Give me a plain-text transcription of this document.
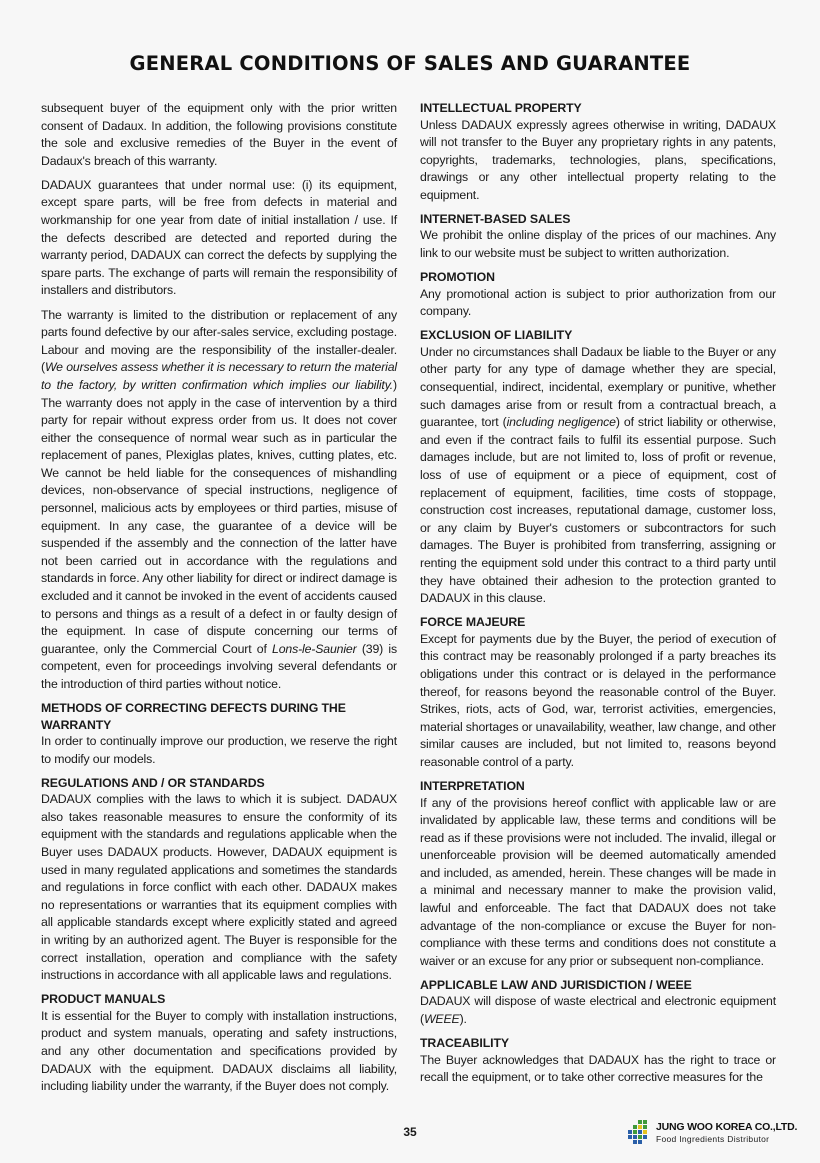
GENERAL CONDITIONS OF SALES AND GUARANTEE

subsequent buyer of the equipment only with the prior written consent of Dadaux. In addition, the following provisions constitute the sole and exclusive remedies of the Buyer in the event of Dadaux's breach of this warranty.

DADAUX guarantees that under normal use: (i) its equipment, except spare parts, will be free from defects in material and workmanship for one year from date of initial installation / use. If the defects described are detected and reported during the warranty period, DADAUX can correct the defects by supplying the spare parts. The exchange of parts will remain the responsibility of installers and distributors.

The warranty is limited to the distribution or replacement of any parts found defective by our after-sales service, excluding postage. Labour and moving are the responsibility of the installer-dealer. (We ourselves assess whether it is necessary to return the material to the factory, by written confirmation which implies our liability.) The warranty does not apply in the case of intervention by a third party for repair without express order from us. It does not cover either the consequence of normal wear such as in particular the replacement of panes, Plexiglas plates, knives, cutting plates, etc. We cannot be held liable for the consequences of mishandling devices, non-observance of special instructions, negligence of personnel, malicious acts by employees or third parties, misuse of equipment. In any case, the guarantee of a device will be suspended if the assembly and the connection of the latter have not been carried out in accordance with the regulations and standards in force. Any other liability for direct or indirect damage is excluded and it cannot be invoked in the event of accidents caused to persons and things as a result of a defect in or faulty design of the equipment. In case of dispute concerning our terms of guarantee, only the Commercial Court of Lons-le-Saunier (39) is competent, even for proceedings involving several defendants or the introduction of third parties without notice.

METHODS OF CORRECTING DEFECTS DURING THE WARRANTY

In order to continually improve our production, we reserve the right to modify our models.

REGULATIONS AND / OR STANDARDS

DADAUX complies with the laws to which it is subject. DADAUX also takes reasonable measures to ensure the conformity of its equipment with the standards and regulations applicable when the Buyer uses DADAUX products. However, DADAUX equipment is used in many regulated applications and sometimes the standards and regulations in force conflict with each other. DADAUX makes no representations or warranties that its equipment complies with all applicable standards except where explicitly stated and agreed in writing by an authorized agent. The Buyer is responsible for the correct installation, operation and compliance with the safety instructions in accordance with all applicable laws and regulations.

PRODUCT MANUALS

It is essential for the Buyer to comply with installation instructions, product and system manuals, operating and safety instructions, and any other documentation and specifications provided by DADAUX with the equipment. DADAUX disclaims all liability, including liability under the warranty, if the Buyer does not comply.

INTELLECTUAL PROPERTY

Unless DADAUX expressly agrees otherwise in writing, DADAUX will not transfer to the Buyer any proprietary rights in any patents, copyrights, trademarks, technologies, plans, specifications, drawings or any other intellectual property relating to the equipment.

INTERNET-BASED SALES

We prohibit the online display of the prices of our machines. Any link to our website must be subject to written authorization.

PROMOTION

Any promotional action is subject to prior authorization from our company.

EXCLUSION OF LIABILITY

Under no circumstances shall Dadaux be liable to the Buyer or any other party for any type of damage whether they are special, consequential, indirect, incidental, exemplary or punitive, whether such damages arise from or result from a contractual breach, a guarantee, tort (including negligence) of strict liability or otherwise, and even if the contract fails to fulfil its essential purpose. Such damages include, but are not limited to, loss of profit or revenue, loss of use of equipment or a piece of equipment, cost of replacement of equipment, facilities, time costs of stoppage, construction cost increases, reputational damage, customer loss, or any claim by Buyer's customers or subcontractors for such damages. The Buyer is prohibited from transferring, assigning or renting the equipment sold under this contract to a third party until they have obtained their adhesion to the protection granted to DADAUX in this clause.

FORCE MAJEURE

Except for payments due by the Buyer, the period of execution of this contract may be reasonably prolonged if a party breaches its obligations under this contract or is delayed in the performance thereof, for reasons beyond the reasonable control of the Buyer. Strikes, riots, acts of God, war, terrorist activities, emergencies, material shortages or unavailability, weather, law change, and other similar causes are included, but not limited to, reasons beyond reasonable control of a party.

INTERPRETATION

If any of the provisions hereof conflict with applicable law or are invalidated by applicable law, these terms and conditions will be read as if these provisions were not included. The invalid, illegal or unenforceable provision will be deemed automatically amended and included, as amended, herein. These changes will be made in a minimal and necessary manner to make the provision valid, lawful and enforceable. The fact that DADAUX does not take advantage of the non-compliance or excuse the Buyer for non-compliance with these terms and conditions does not constitute a waiver or an excuse for any prior or subsequent non-compliance.

APPLICABLE LAW AND JURISDICTION / WEEE

DADAUX will dispose of waste electrical and electronic equipment (WEEE).

TRACEABILITY

The Buyer acknowledges that DADAUX has the right to trace or recall the equipment, or to take other corrective measures for the

35	JUNG WOO KOREA CO.,LTD.
Food Ingredients Distributor
